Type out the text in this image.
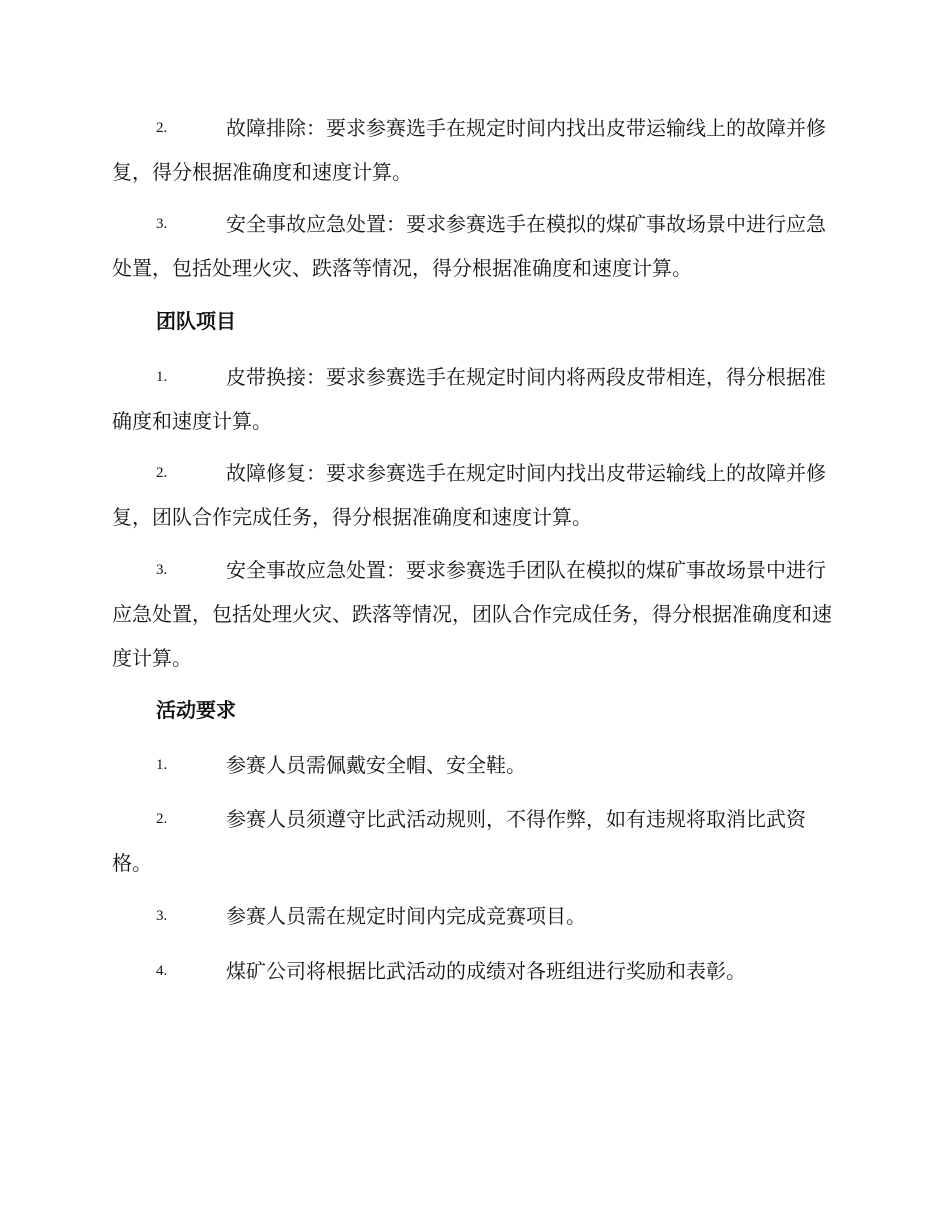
2.	故障排除：要求参赛选手在规定时间内找出皮带运输线上的故障并修复，得分根据准确度和速度计算。
3.	安全事故应急处置：要求参赛选手在模拟的煤矿事故场景中进行应急处置，包括处理火灾、跌落等情况，得分根据准确度和速度计算。
团队项目
1.	皮带换接：要求参赛选手在规定时间内将两段皮带相连，得分根据准确度和速度计算。
2.	故障修复：要求参赛选手在规定时间内找出皮带运输线上的故障并修复，团队合作完成任务，得分根据准确度和速度计算。
3.	安全事故应急处置：要求参赛选手团队在模拟的煤矿事故场景中进行应急处置，包括处理火灾、跌落等情况，团队合作完成任务，得分根据准确度和速度计算。
活动要求
1.	参赛人员需佩戴安全帽、安全鞋。
2.	参赛人员须遵守比武活动规则，不得作弊，如有违规将取消比武资格。
3.	参赛人员需在规定时间内完成竞赛项目。
4.	煤矿公司将根据比武活动的成绩对各班组进行奖励和表彰。
